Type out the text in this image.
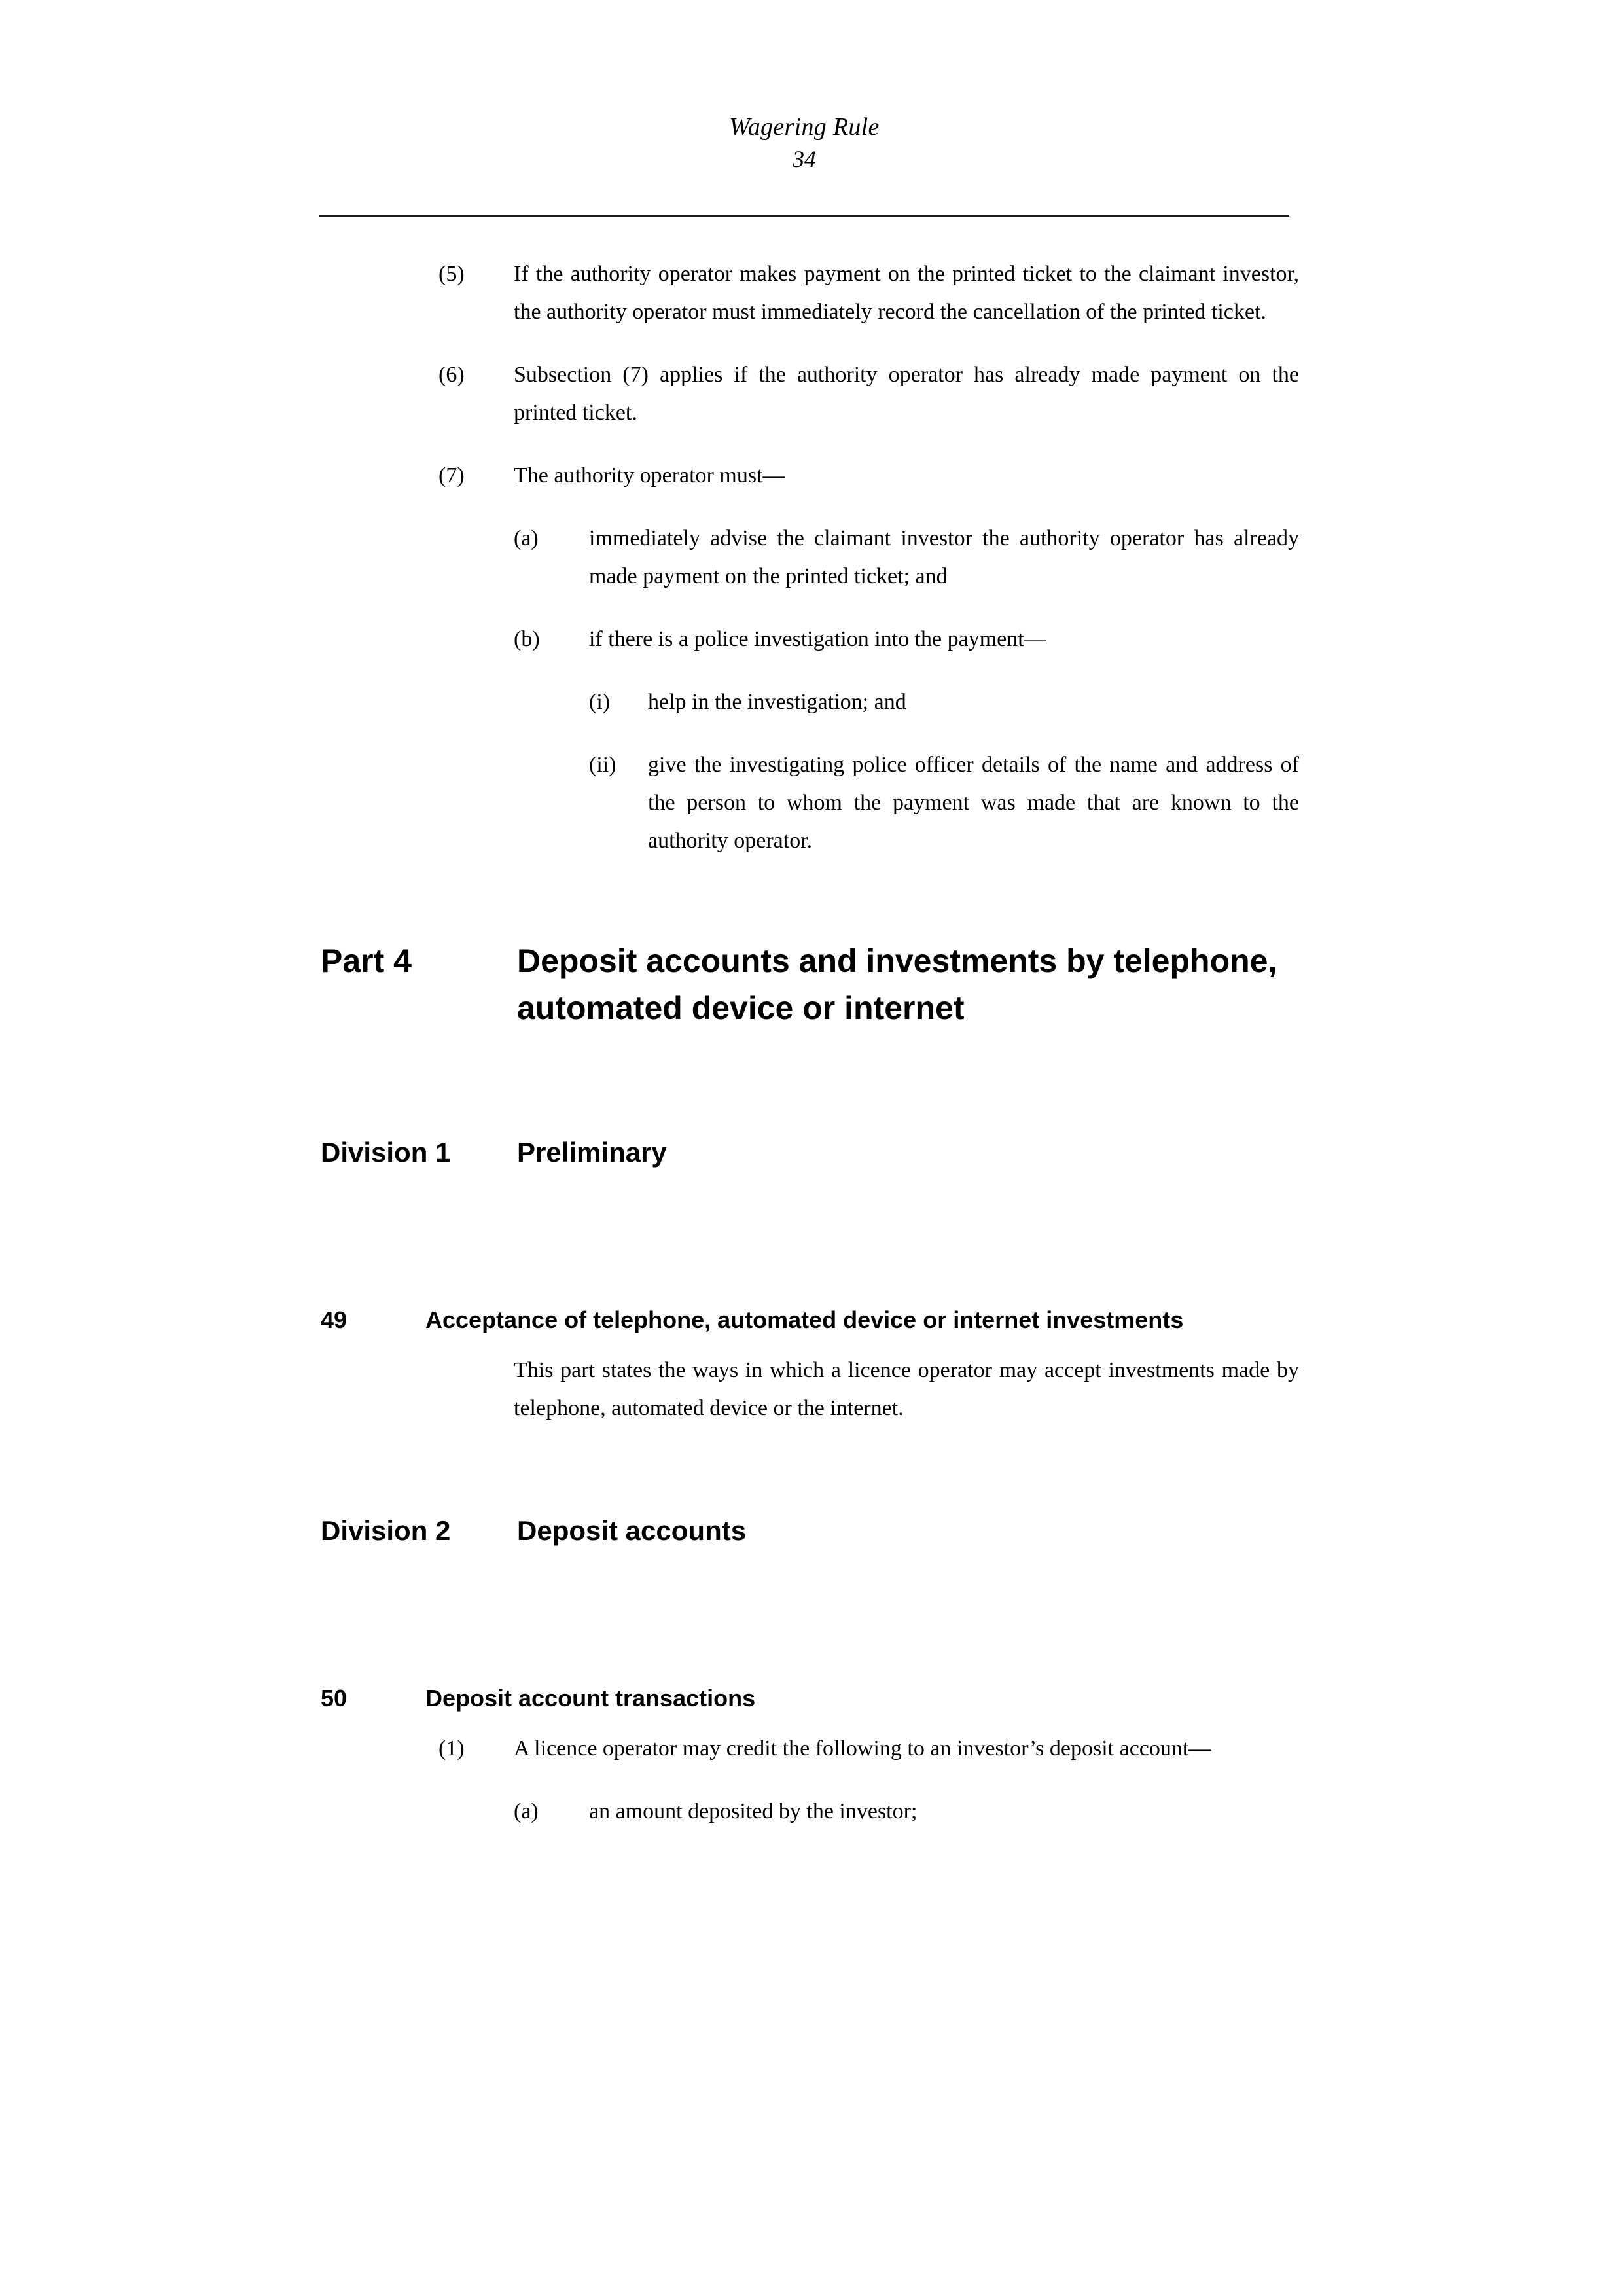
Wagering Rule
34
(5) If the authority operator makes payment on the printed ticket to the claimant investor, the authority operator must immediately record the cancellation of the printed ticket.
(6) Subsection (7) applies if the authority operator has already made payment on the printed ticket.
(7) The authority operator must—
(a) immediately advise the claimant investor the authority operator has already made payment on the printed ticket; and
(b) if there is a police investigation into the payment—
(i) help in the investigation; and
(ii) give the investigating police officer details of the name and address of the person to whom the payment was made that are known to the authority operator.
Part 4	Deposit accounts and investments by telephone, automated device or internet
Division 1 Preliminary
49	Acceptance of telephone, automated device or internet investments
This part states the ways in which a licence operator may accept investments made by telephone, automated device or the internet.
Division 2 Deposit accounts
50	Deposit account transactions
(1) A licence operator may credit the following to an investor’s deposit account—
(a) an amount deposited by the investor;
